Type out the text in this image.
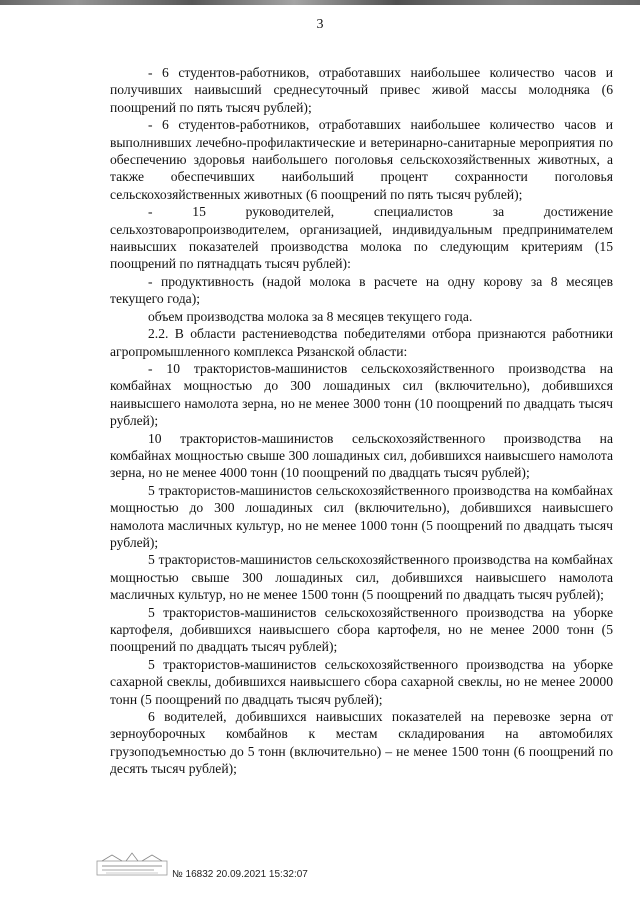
3

- 6 студентов-работников, отработавших наибольшее количество часов и получивших наивысший среднесуточный привес живой массы молодняка (6 поощрений по пять тысяч рублей);

- 6 студентов-работников, отработавших наибольшее количество часов и выполнивших лечебно-профилактические и ветеринарно-санитарные мероприятия по обеспечению здоровья наибольшего поголовья сельскохозяйственных животных, а также обеспечивших наибольший процент сохранности поголовья сельскохозяйственных животных (6 поощрений по пять тысяч рублей);

- 15 руководителей, специалистов за достижение сельхозтоваропроизводителем, организацией, индивидуальным предпринимателем наивысших показателей производства молока по следующим критериям (15 поощрений по пятнадцать тысяч рублей):

- продуктивность (надой молока в расчете на одну корову за 8 месяцев текущего года);

объем производства молока за 8 месяцев текущего года.

2.2. В области растениеводства победителями отбора признаются работники агропромышленного комплекса Рязанской области:

- 10 трактористов-машинистов сельскохозяйственного производства на комбайнах мощностью до 300 лошадиных сил (включительно), добившихся наивысшего намолота зерна, но не менее 3000 тонн (10 поощрений по двадцать тысяч рублей);

10 трактористов-машинистов сельскохозяйственного производства на комбайнах мощностью свыше 300 лошадиных сил, добившихся наивысшего намолота зерна, но не менее 4000 тонн (10 поощрений по двадцать тысяч рублей);

5 трактористов-машинистов сельскохозяйственного производства на комбайнах мощностью до 300 лошадиных сил (включительно), добившихся наивысшего намолота масличных культур, но не менее 1000 тонн (5 поощрений по двадцать тысяч рублей);

5 трактористов-машинистов сельскохозяйственного производства на комбайнах мощностью свыше 300 лошадиных сил, добившихся наивысшего намолота масличных культур, но не менее 1500 тонн (5 поощрений по двадцать тысяч рублей);

5 трактористов-машинистов сельскохозяйственного производства на уборке картофеля, добившихся наивысшего сбора картофеля, но не менее 2000 тонн (5 поощрений по двадцать тысяч рублей);

5 трактористов-машинистов сельскохозяйственного производства на уборке сахарной свеклы, добившихся наивысшего сбора сахарной свеклы, но не менее 20000 тонн (5 поощрений по двадцать тысяч рублей);

6 водителей, добившихся наивысших показателей на перевозке зерна от зерноуборочных комбайнов к местам складирования на автомобилях грузоподъемностью до 5 тонн (включительно) – не менее 1500 тонн (6 поощрений по десять тысяч рублей);

№ 16832 20.09.2021 15:32:07
